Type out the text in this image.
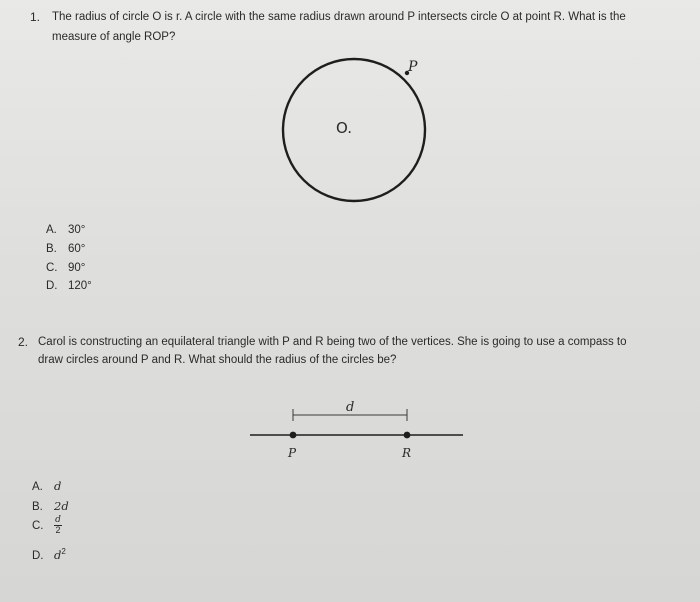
1. The radius of circle O is r. A circle with the same radius drawn around P intersects circle O at point R. What is the
measure of angle ROP?
P
O.
A. 30°
B. 60°
C. 90°
D. 120°
2. Carol is constructing an equilateral triangle with P and R being two of the vertices. She is going to use a compass to
draw circles around P and R. What should the radius of the circles be?
d
P	R
A. d
B. 2d
C. $\frac{d}{2}$
D. $d^2$
